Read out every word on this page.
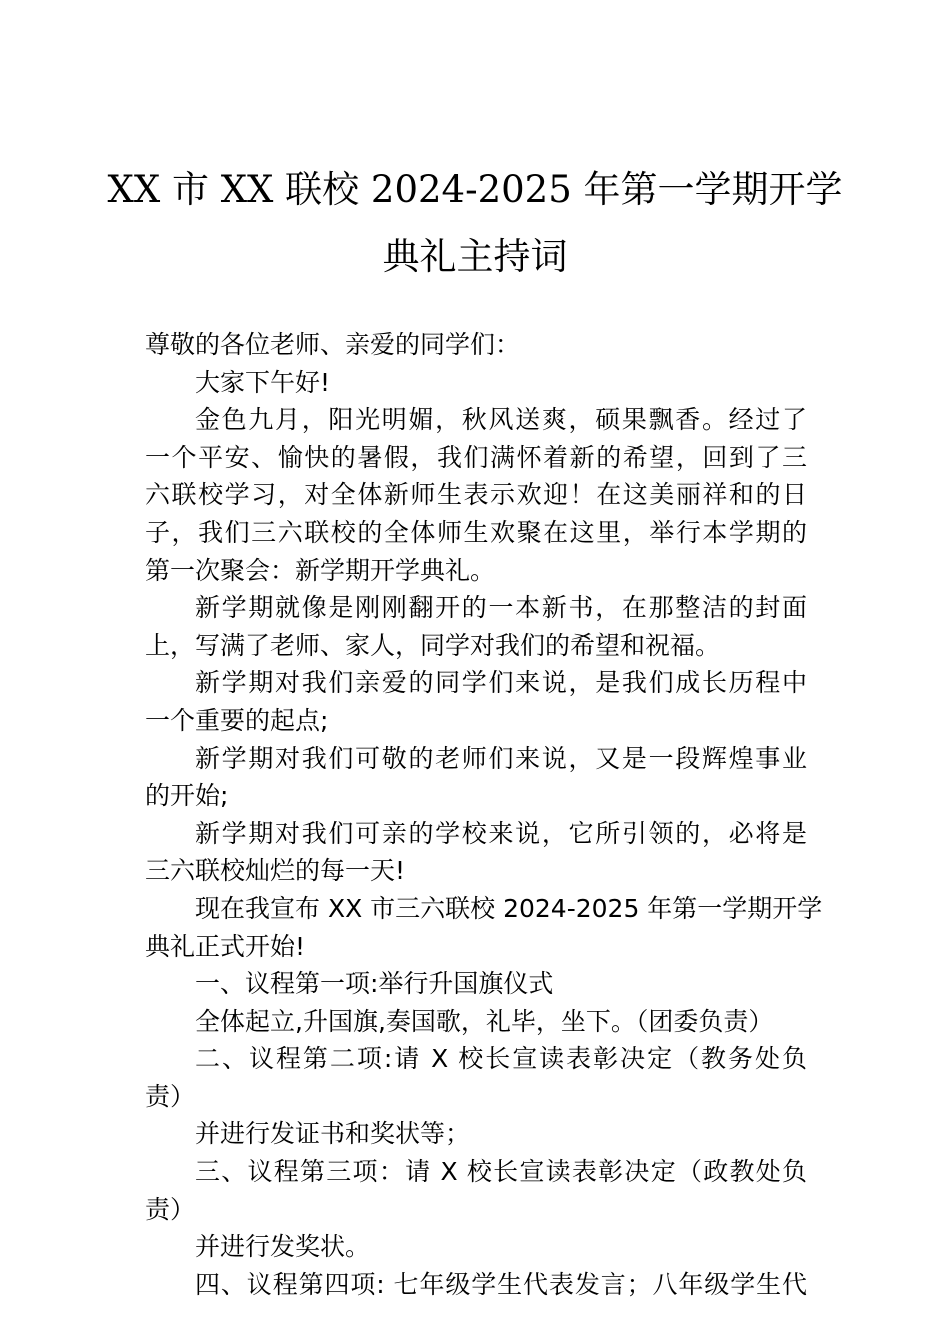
XX 市 XX 联校 2024-2025 年第一学期开学
典礼主持词
尊敬的各位老师、亲爱的同学们：
大家下午好!
金色九月，阳光明媚，秋风送爽，硕果飘香。经过了
一个平安、愉快的暑假，我们满怀着新的希望，回到了三
六联校学习，对全体新师生表示欢迎！在这美丽祥和的日
子，我们三六联校的全体师生欢聚在这里，举行本学期的
第一次聚会：新学期开学典礼。
新学期就像是刚刚翻开的一本新书，在那整洁的封面
上，写满了老师、家人，同学对我们的希望和祝福。
新学期对我们亲爱的同学们来说，是我们成长历程中
一个重要的起点;
新学期对我们可敬的老师们来说，又是一段辉煌事业
的开始;
新学期对我们可亲的学校来说，它所引领的，必将是
三六联校灿烂的每一天!
现在我宣布 XX 市三六联校 2024-2025 年第一学期开学
典礼正式开始!
一、议程第一项:举行升国旗仪式
全体起立,升国旗,奏国歌，礼毕，坐下。（团委负责）
二、议程第二项:请 X 校长宣读表彰决定（教务处负
责）
并进行发证书和奖状等；
三、议程第三项：请 X 校长宣读表彰决定（政教处负
责）
并进行发奖状。
四、议程第四项: 七年级学生代表发言；八年级学生代
